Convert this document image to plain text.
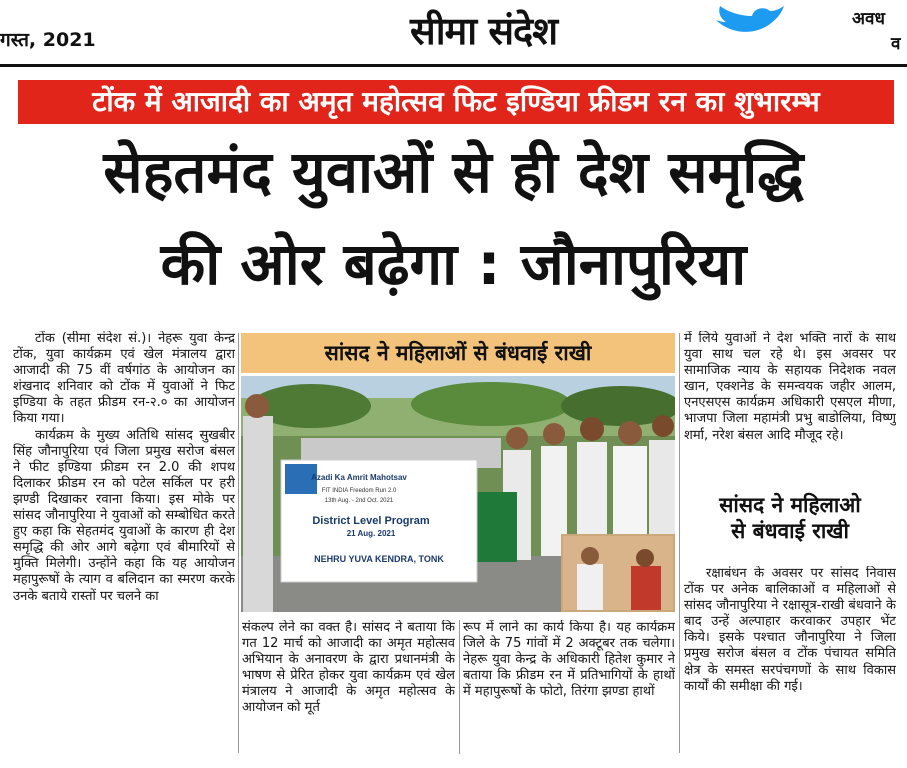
गस्त, 2021	सीमा संदेश	अवध
व
टोंक में आजादी का अमृत महोत्सव फिट इण्डिया फ्रीडम रन का शुभारम्भ
सेहतमंद युवाओं से ही देश समृद्धि
की ओर बढ़ेगा : जौनापुरिया

टोंक (सीमा संदेश सं.)। नेहरू युवा केन्द्र टोंक, युवा कार्यक्रम एवं खेल मंत्रालय द्वारा आजादी की 75 वीं वर्षगांठ के आयोजन का शंखनाद शनिवार को टोंक में युवाओं ने फिट इण्डिया के तहत फ्रीडम रन-२.० का आयोजन किया गया।

कार्यक्रम के मुख्य अतिथि सांसद सुखबीर सिंह जौनापुरिया एवं जिला प्रमुख सरोज बंसल ने फीट इण्डिया फ्रीडम रन 2.0 की शपथ दिलाकर फ्रीडम रन को पटेल सर्किल पर हरी झण्डी दिखाकर रवाना किया। इस मोके पर सांसद जौनापुरिया ने युवाओं को सम्बोधित करते हुए कहा कि सेहतमंद युवाओं के कारण ही देश समृद्धि की ओर आगे बढ़ेगा एवं बीमारियों से मुक्ति मिलेगी। उन्होंने कहा कि यह आयोजन महापुरूषों के त्याग व बलिदान का स्मरण करके उनके बताये रास्तों पर चलने का

सांसद ने महिलाओं से बंधवाई राखी
Azadi Ka Amrit Mahotsav
FIT INDIA Freedom Run 2.0
13th Aug. - 2nd Oct. 2021
District Level Program
21 Aug. 2021
NEHRU YUVA KENDRA, TONK

संकल्प लेने का वक्त है। सांसद ने बताया कि गत 12 मार्च को आजादी का अमृत महोत्सव अभियान के अनावरण के द्वारा प्रधानमंत्री के भाषण से प्रेरित होकर युवा कार्यक्रम एवं खेल मंत्रालय ने आजादी के अमृत महोत्सव के आयोजन को मूर्त

रूप में लाने का कार्य किया है। यह कार्यक्रम जिले के 75 गांवों में 2 अक्टूबर तक चलेगा। नेहरू युवा केन्द्र के अधिकारी हितेश कुमार ने बताया कि फ्रीडम रन में प्रतिभागियों के हाथों में महापुरूषों के फोटो, तिरंगा झण्डा हाथों

में लिये युवाओं ने देश भक्ति नारों के साथ युवा साथ चल रहे थे। इस अवसर पर सामाजिक न्याय के सहायक निदेशक नवल खान, एक्शनेड के समन्वयक जहीर आलम, एनएसएस कार्यक्रम अधिकारी एसएल मीणा, भाजपा जिला महामंत्री प्रभु बाडोलिया, विष्णु शर्मा, नरेश बंसल आदि मौजूद रहे।

सांसद ने महिलाओ
से बंधवाई राखी

रक्षाबंधन के अवसर पर सांसद निवास टोंक पर अनेक बालिकाओं व महिलाओं से सांसद जौनापुरिया ने रक्षासूत्र-राखी बंधवाने के बाद उन्हें अल्पाहार करवाकर उपहार भेंट किये। इसके पश्चात जौनापुरिया ने जिला प्रमुख सरोज बंसल व टोंक पंचायत समिति क्षेत्र के समस्त सरपंचगणों के साथ विकास कार्यों की समीक्षा की गई।
